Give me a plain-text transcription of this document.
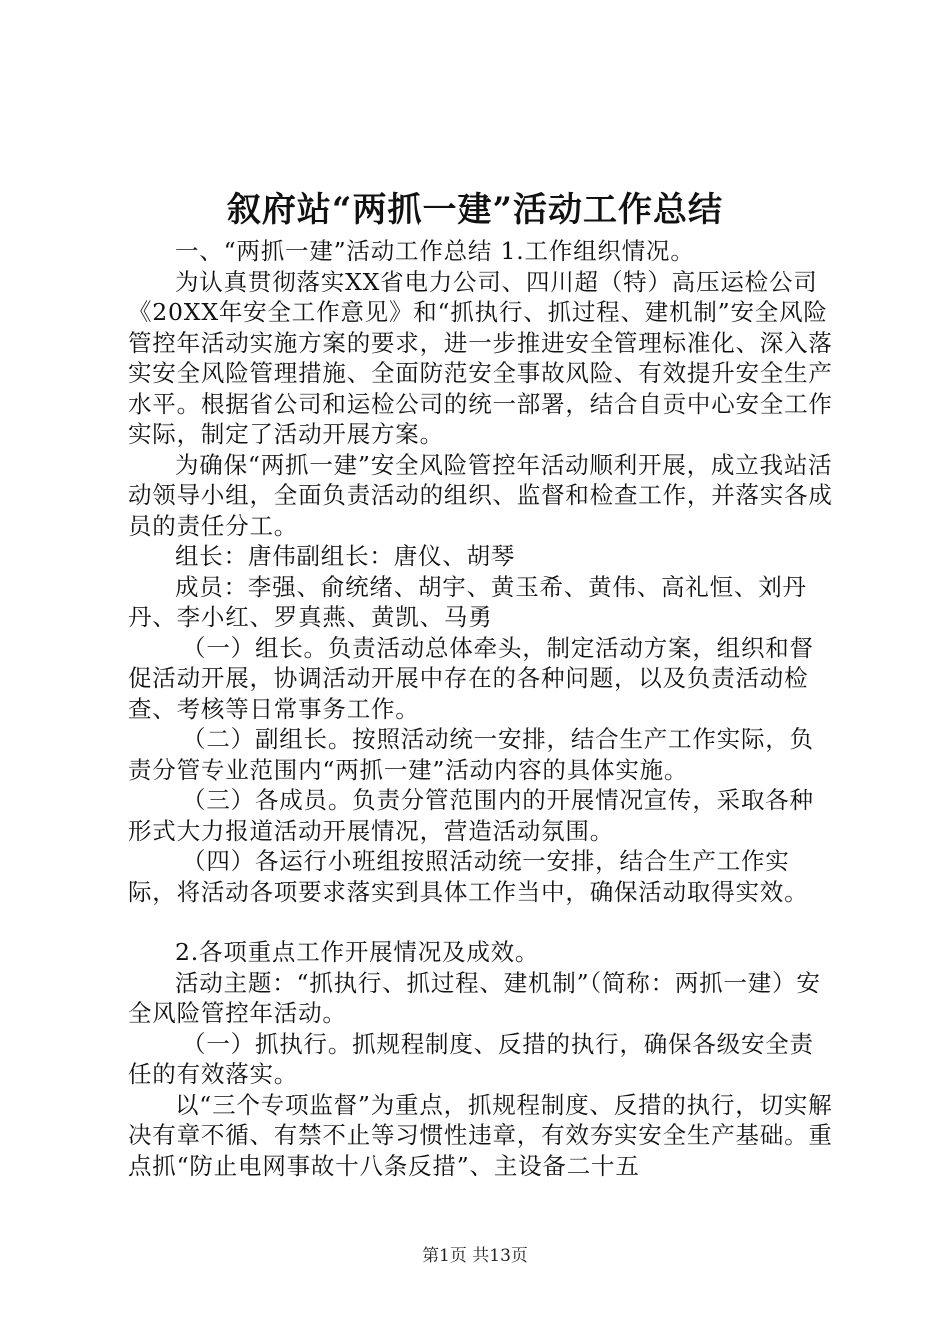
叙府站“两抓一建”活动工作总结

一、“两抓一建”活动工作总结 1.工作组织情况。

为认真贯彻落实XX省电力公司、四川超（特）高压运检公司《20XX年安全工作意见》和“抓执行、抓过程、建机制”安全风险管控年活动实施方案的要求，进一步推进安全管理标准化、深入落实安全风险管理措施、全面防范安全事故风险、有效提升安全生产水平。根据省公司和运检公司的统一部署，结合自贡中心安全工作实际，制定了活动开展方案。

为确保“两抓一建”安全风险管控年活动顺利开展，成立我站活动领导小组，全面负责活动的组织、监督和检查工作，并落实各成员的责任分工。

组长：唐伟副组长：唐仪、胡琴

成员：李强、俞统绪、胡宇、黄玉希、黄伟、高礼恒、刘丹丹、李小红、罗真燕、黄凯、马勇

（一）组长。负责活动总体牵头，制定活动方案，组织和督促活动开展，协调活动开展中存在的各种问题，以及负责活动检查、考核等日常事务工作。

（二）副组长。按照活动统一安排，结合生产工作实际，负责分管专业范围内“两抓一建”活动内容的具体实施。

（三）各成员。负责分管范围内的开展情况宣传，采取各种形式大力报道活动开展情况，营造活动氛围。

（四）各运行小班组按照活动统一安排，结合生产工作实际，将活动各项要求落实到具体工作当中，确保活动取得实效。

2.各项重点工作开展情况及成效。

活动主题：“抓执行、抓过程、建机制”（简称：两抓一建）安全风险管控年活动。

（一）抓执行。抓规程制度、反措的执行，确保各级安全责任的有效落实。

以“三个专项监督”为重点，抓规程制度、反措的执行，切实解决有章不循、有禁不止等习惯性违章，有效夯实安全生产基础。重点抓“防止电网事故十八条反措”、主设备二十五

第1页 共13页
